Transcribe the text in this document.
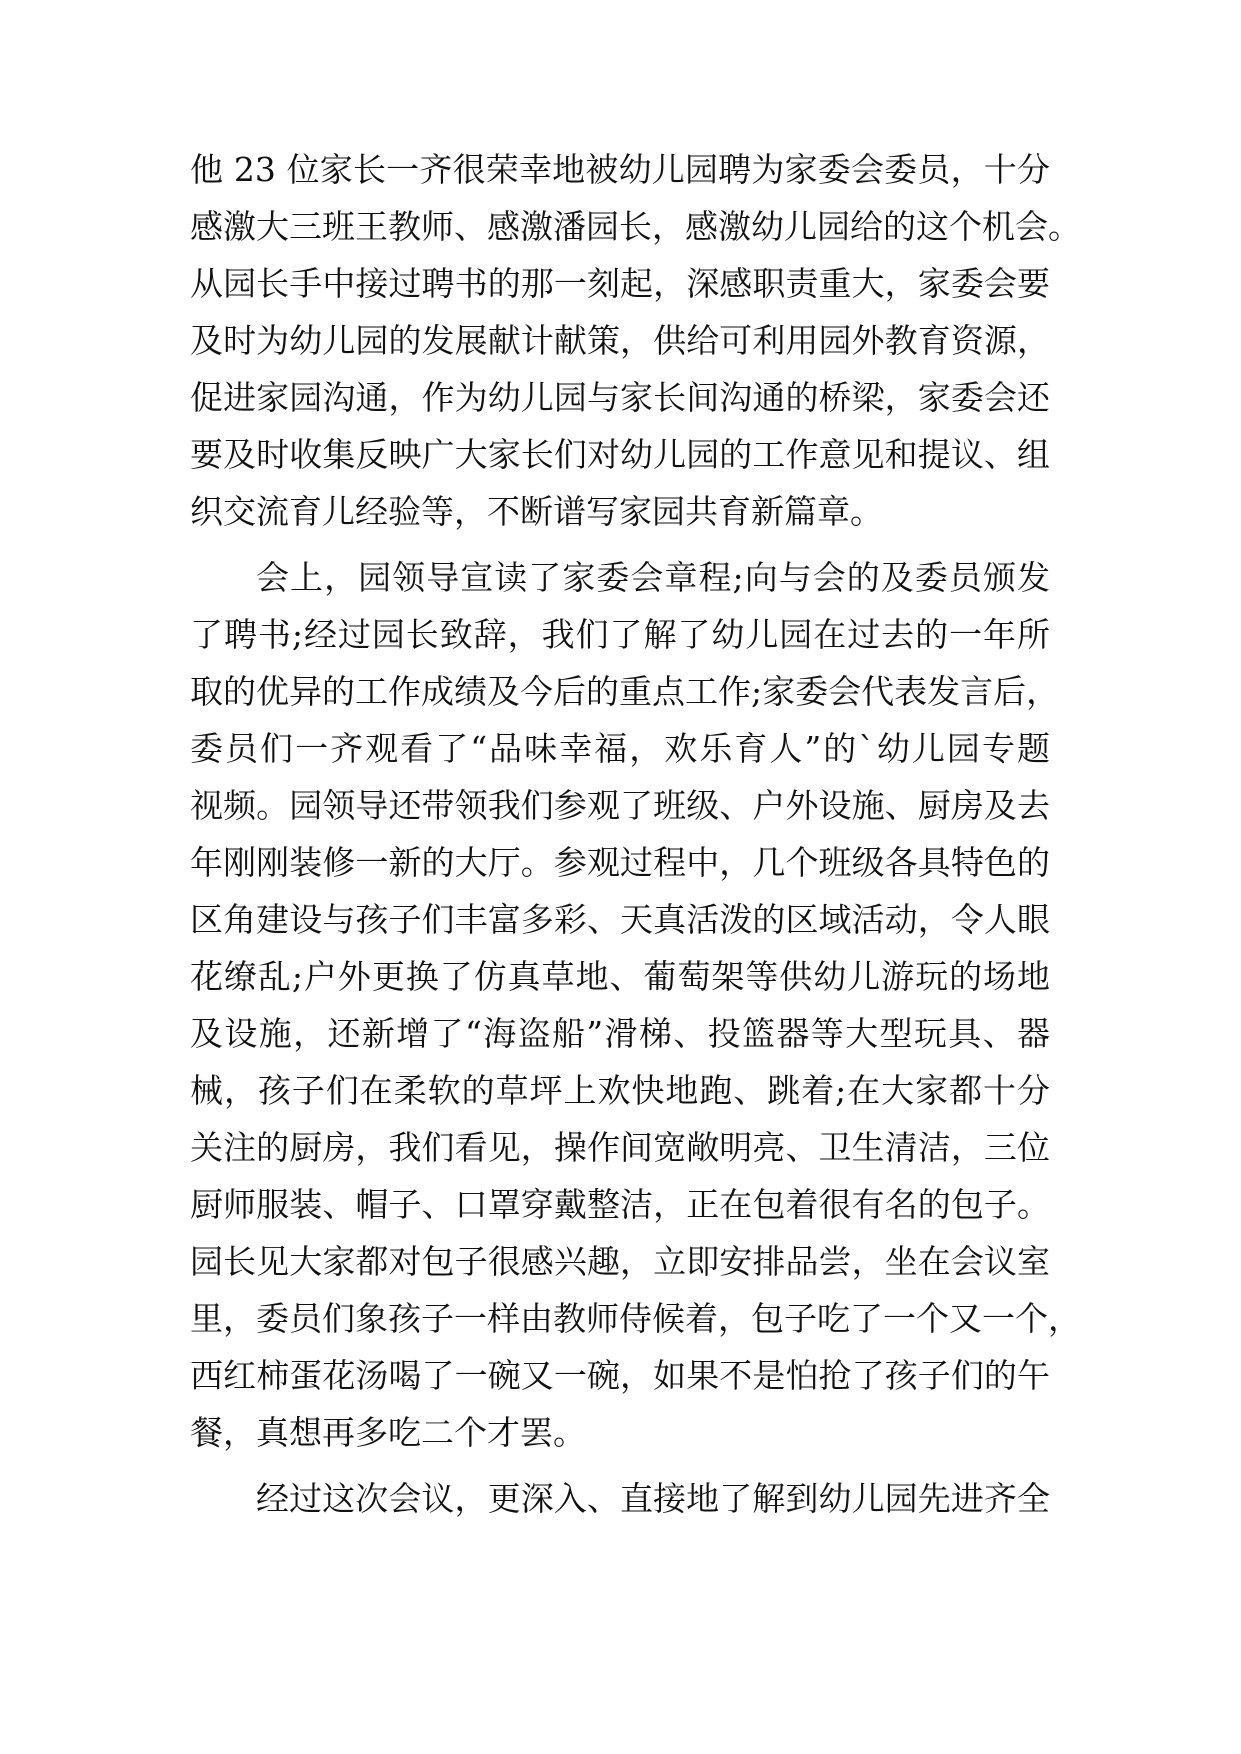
他 23 位家长一齐很荣幸地被幼儿园聘为家委会委员，十分
感激大三班王教师、感激潘园长，感激幼儿园给的这个机会。
从园长手中接过聘书的那一刻起，深感职责重大，家委会要
及时为幼儿园的发展献计献策，供给可利用园外教育资源，
促进家园沟通，作为幼儿园与家长间沟通的桥梁，家委会还
要及时收集反映广大家长们对幼儿园的工作意见和提议、组
织交流育儿经验等，不断谱写家园共育新篇章。
会上，园领导宣读了家委会章程;向与会的及委员颁发
了聘书;经过园长致辞，我们了解了幼儿园在过去的一年所
取的优异的工作成绩及今后的重点工作;家委会代表发言后，
委员们一齐观看了“品味幸福，欢乐育人”的`幼儿园专题
视频。园领导还带领我们参观了班级、户外设施、厨房及去
年刚刚装修一新的大厅。参观过程中，几个班级各具特色的
区角建设与孩子们丰富多彩、天真活泼的区域活动，令人眼
花缭乱;户外更换了仿真草地、葡萄架等供幼儿游玩的场地
及设施，还新增了“海盗船”滑梯、投篮器等大型玩具、器
械，孩子们在柔软的草坪上欢快地跑、跳着;在大家都十分
关注的厨房，我们看见，操作间宽敞明亮、卫生清洁，三位
厨师服装、帽子、口罩穿戴整洁，正在包着很有名的包子。
园长见大家都对包子很感兴趣，立即安排品尝，坐在会议室
里，委员们象孩子一样由教师侍候着，包子吃了一个又一个，
西红柿蛋花汤喝了一碗又一碗，如果不是怕抢了孩子们的午
餐，真想再多吃二个才罢。
经过这次会议，更深入、直接地了解到幼儿园先进齐全
